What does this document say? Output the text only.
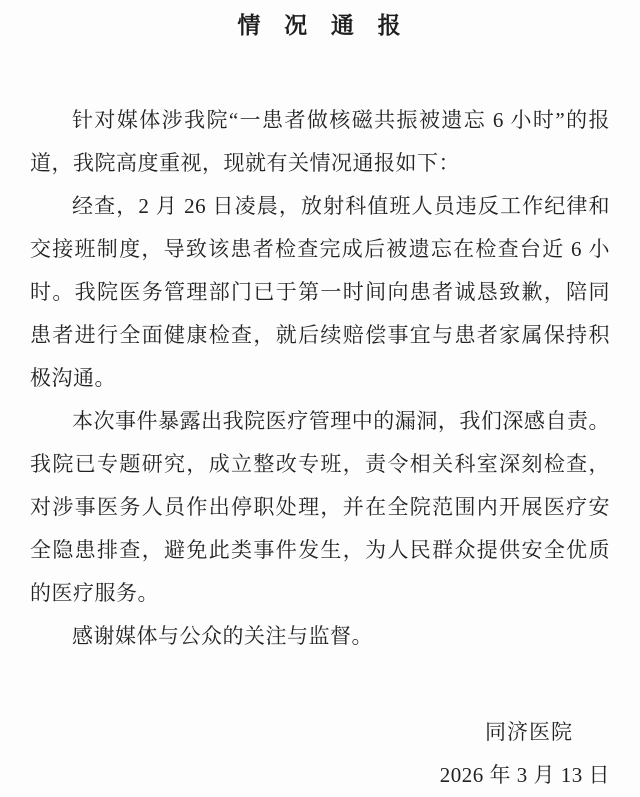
情 况 通 报

针对媒体涉我院“一患者做核磁共振被遗忘 6 小时”的报道，我院高度重视，现就有关情况通报如下：

经查，2 月 26 日凌晨，放射科值班人员违反工作纪律和交接班制度，导致该患者检查完成后被遗忘在检查台近 6 小时。我院医务管理部门已于第一时间向患者诚恳致歉，陪同患者进行全面健康检查，就后续赔偿事宜与患者家属保持积极沟通。

本次事件暴露出我院医疗管理中的漏洞，我们深感自责。我院已专题研究，成立整改专班，责令相关科室深刻检查，对涉事医务人员作出停职处理，并在全院范围内开展医疗安全隐患排查，避免此类事件发生，为人民群众提供安全优质的医疗服务。

感谢媒体与公众的关注与监督。

同济医院
2026 年 3 月 13 日
